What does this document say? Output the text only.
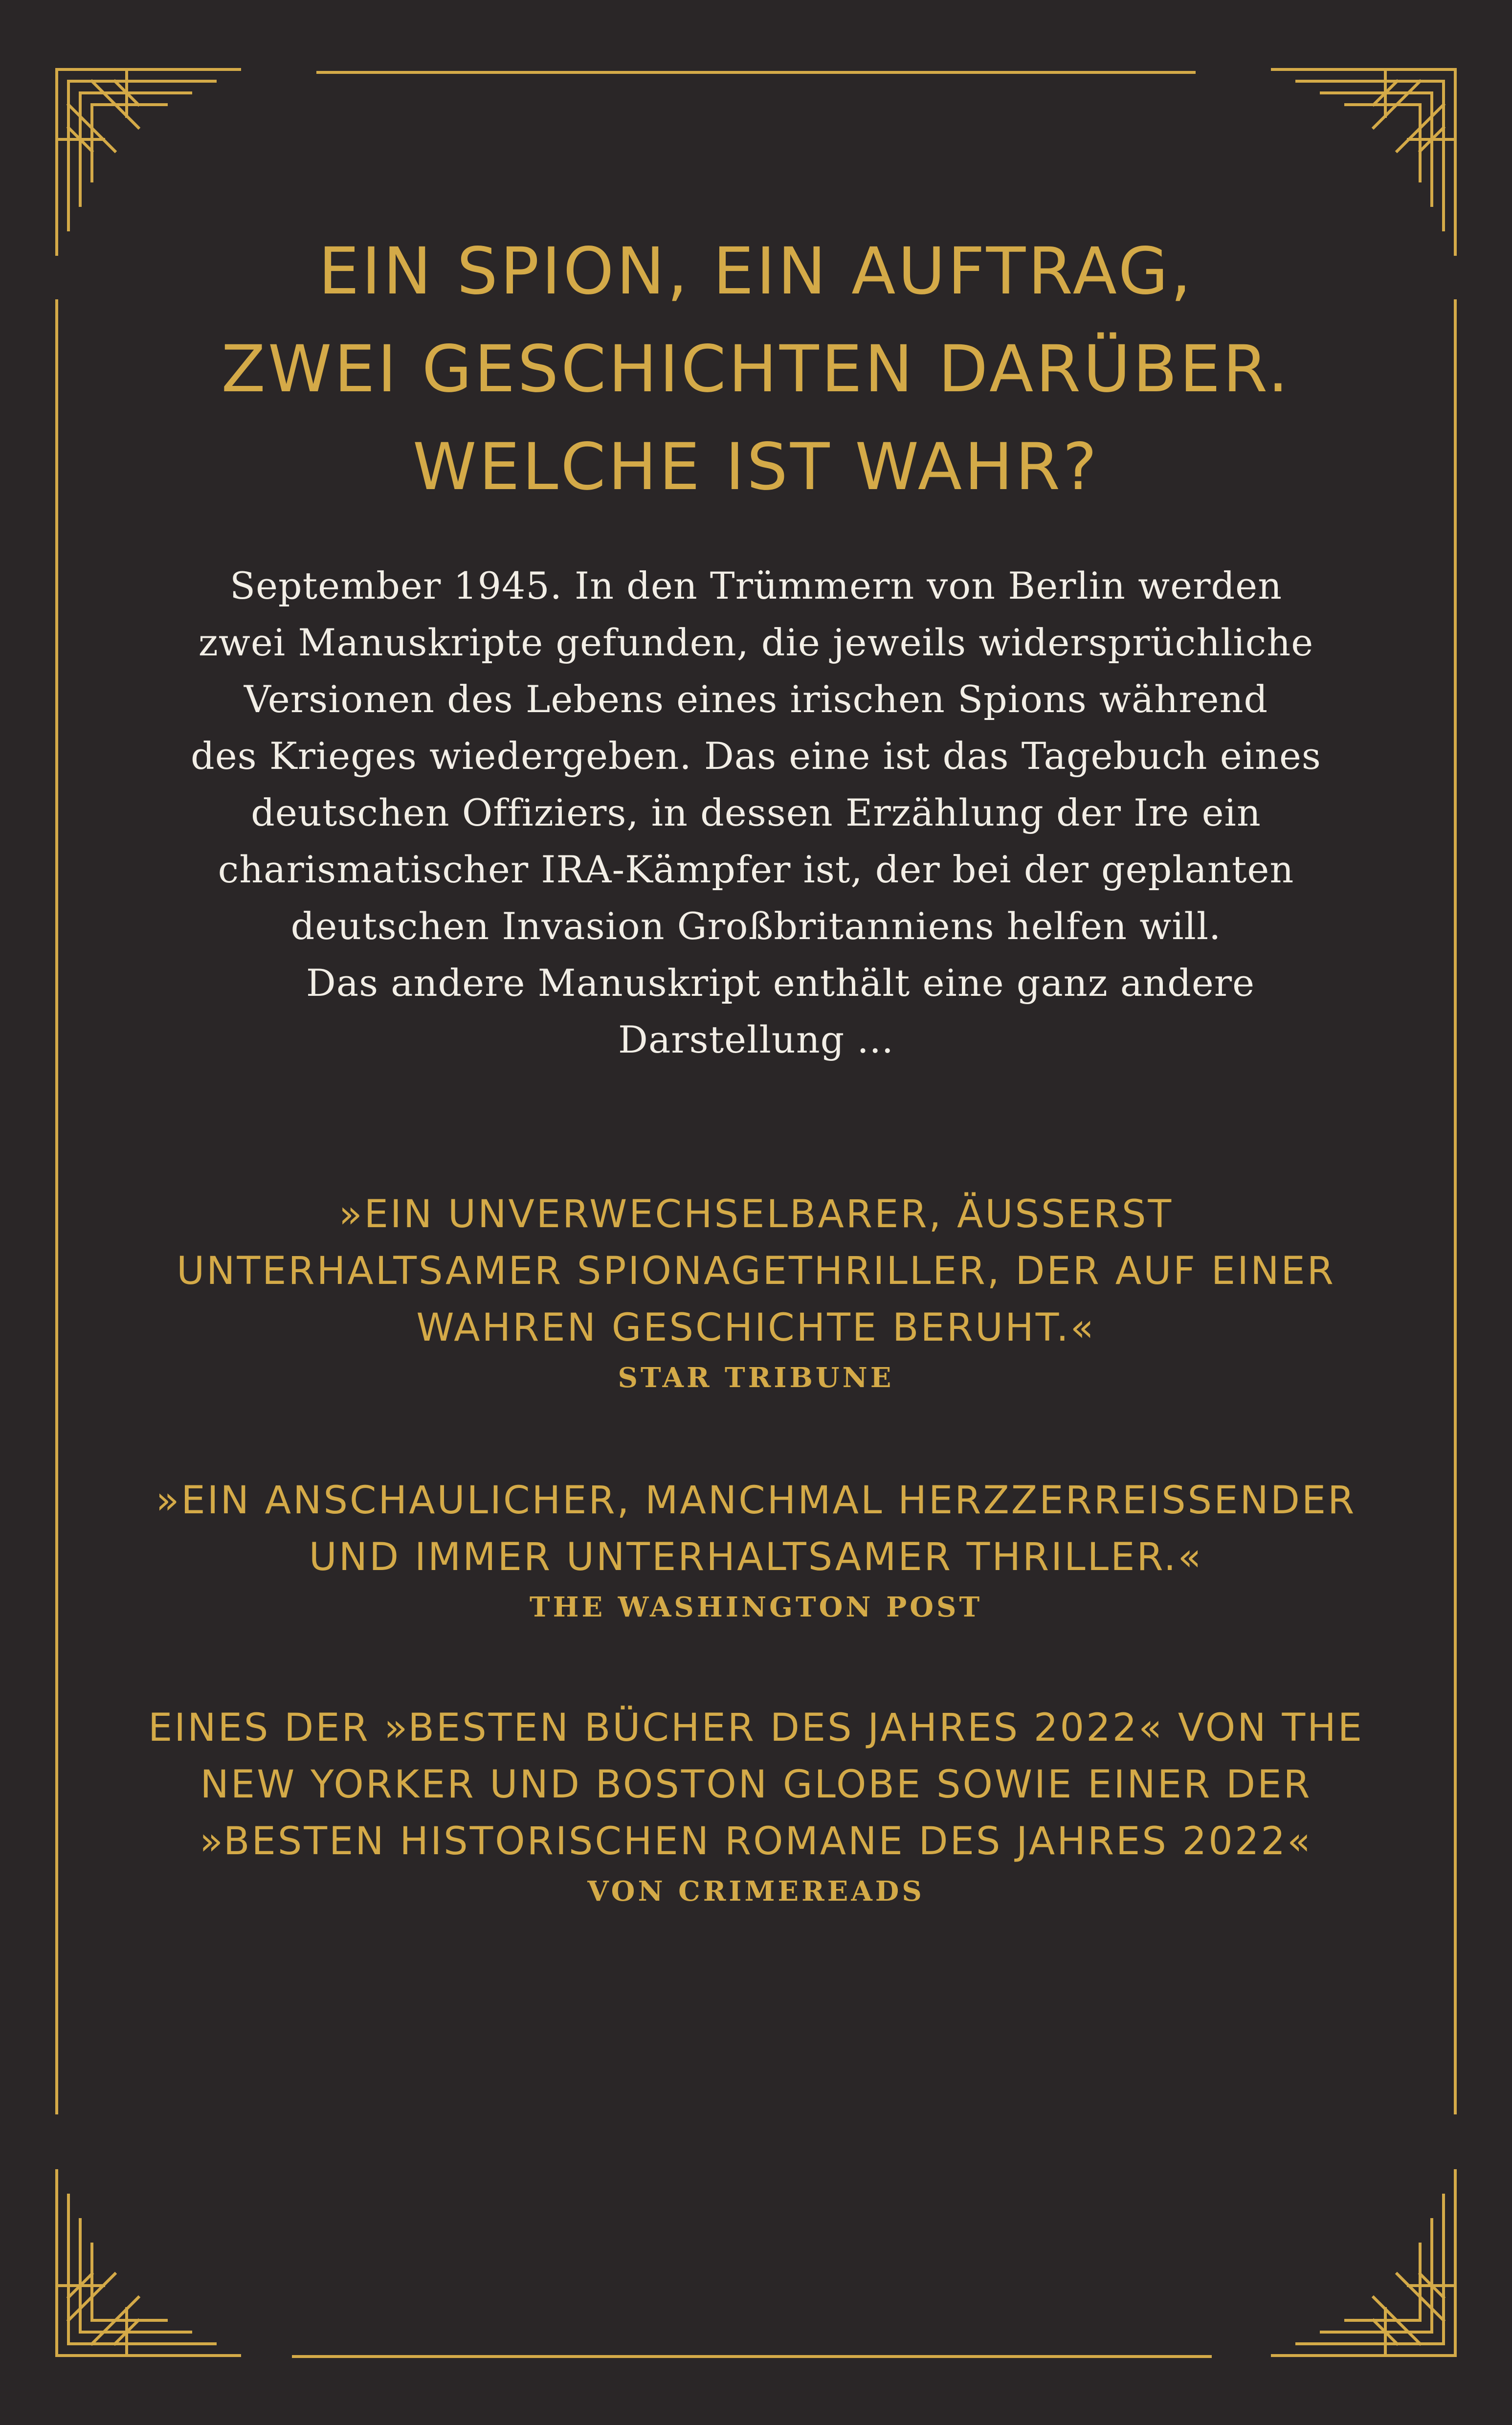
EIN SPION, EIN AUFTRAG,
ZWEI GESCHICHTEN DARÜBER.
WELCHE IST WAHR?

September 1945. In den Trümmern von Berlin werden
zwei Manuskripte gefunden, die jeweils widersprüchliche
Versionen des Lebens eines irischen Spions während
des Krieges wiedergeben. Das eine ist das Tagebuch eines
deutschen Offiziers, in dessen Erzählung der Ire ein
charismatischer IRA-Kämpfer ist, der bei der geplanten
deutschen Invasion Großbritanniens helfen will.
Das andere Manuskript enthält eine ganz andere
Darstellung ...

»EIN UNVERWECHSELBARER, ÄUSSERST
UNTERHALTSAMER SPIONAGETHRILLER, DER AUF EINER
WAHREN GESCHICHTE BERUHT.«
STAR TRIBUNE
»EIN ANSCHAULICHER, MANCHMAL HERZZERREISSENDER
UND IMMER UNTERHALTSAMER THRILLER.«
THE WASHINGTON POST
EINES DER »BESTEN BÜCHER DES JAHRES 2022« VON THE
NEW YORKER UND BOSTON GLOBE SOWIE EINER DER
»BESTEN HISTORISCHEN ROMANE DES JAHRES 2022«
VON CRIMEREADS
